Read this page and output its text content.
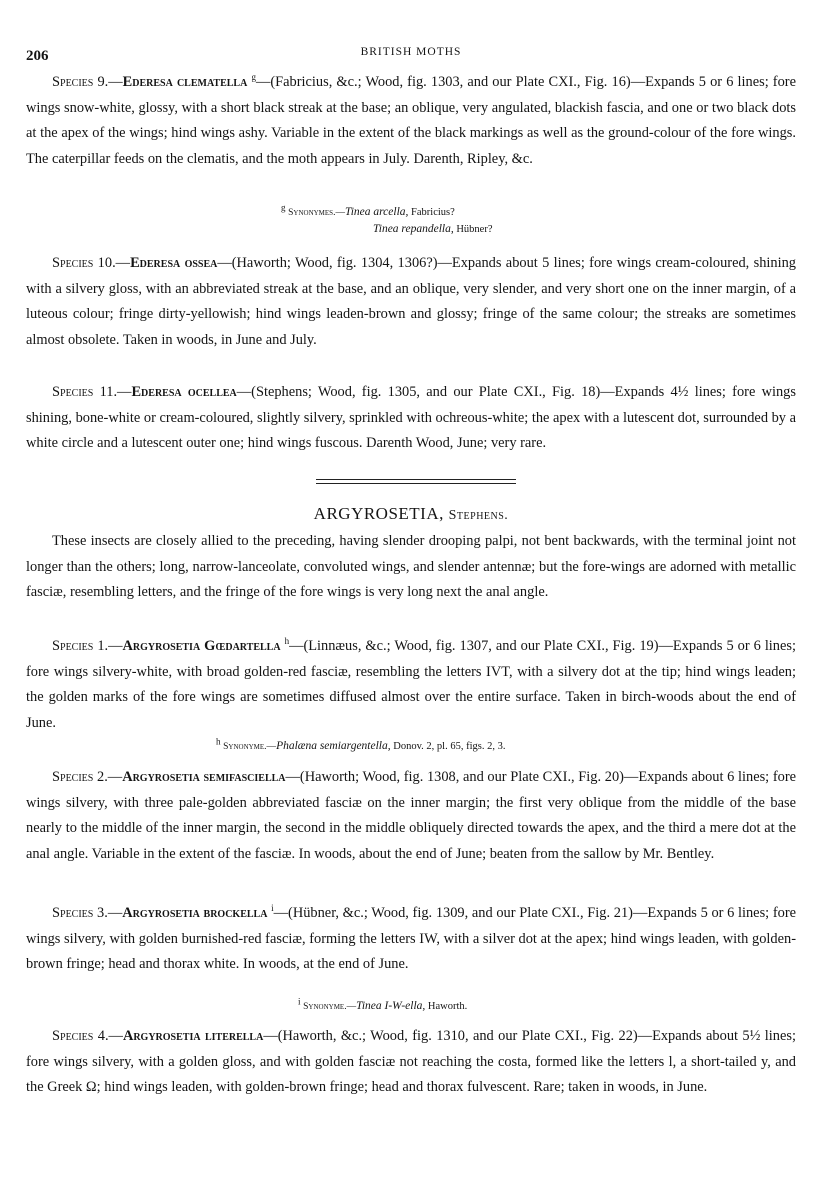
206	BRITISH MOTHS

Species 9.—Ederesa clematella $^g$—(Fabricius, &c.; Wood, fig. 1303, and our Plate CXI., Fig. 16)—Expands 5 or 6 lines; fore wings snow-white, glossy, with a short black streak at the base; an oblique, very angulated, blackish fascia, and one or two black dots at the apex of the wings; hind wings ashy. Variable in the extent of the black markings as well as the ground-colour of the fore wings. The caterpillar feeds on the clematis, and the moth appears in July. Darenth, Ripley, &c.

$^g$ Synonymes.—Tinea arcella, Fabricius?
Tinea repandella, Hübner?

Species 10.—Ederesa ossea—(Haworth; Wood, fig. 1304, 1306?)—Expands about 5 lines; fore wings cream-coloured, shining with a silvery gloss, with an abbreviated streak at the base, and an oblique, very slender, and very short one on the inner margin, of a luteous colour; fringe dirty-yellowish; hind wings leaden-brown and glossy; fringe of the same colour; the streaks are sometimes almost obsolete. Taken in woods, in June and July.

Species 11.—Ederesa ocellea—(Stephens; Wood, fig. 1305, and our Plate CXI., Fig. 18)—Expands 4½ lines; fore wings shining, bone-white or cream-coloured, slightly silvery, sprinkled with ochreous-white; the apex with a lutescent dot, surrounded by a white circle and a lutescent outer one; hind wings fuscous. Darenth Wood, June; very rare.

ARGYROSETIA, Stephens.

These insects are closely allied to the preceding, having slender drooping palpi, not bent backwards, with the terminal joint not longer than the others; long, narrow-lanceolate, convoluted wings, and slender antennæ; but the fore-wings are adorned with metallic fasciæ, resembling letters, and the fringe of the fore wings is very long next the anal angle.

Species 1.—Argyrosetia Gœdartella $^h$—(Linnæus, &c.; Wood, fig. 1307, and our Plate CXI., Fig. 19)—Expands 5 or 6 lines; fore wings silvery-white, with broad golden-red fasciæ, resembling the letters IVT, with a silvery dot at the tip; hind wings leaden; the golden marks of the fore wings are sometimes diffused almost over the entire surface. Taken in birch-woods about the end of June.

$^h$ Synonyme.—Phalæna semiargentella, Donov. 2, pl. 65, figs. 2, 3.

Species 2.—Argyrosetia semifasciella—(Haworth; Wood, fig. 1308, and our Plate CXI., Fig. 20)—Expands about 6 lines; fore wings silvery, with three pale-golden abbreviated fasciæ on the inner margin; the first very oblique from the middle of the base nearly to the middle of the inner margin, the second in the middle obliquely directed towards the apex, and the third a mere dot at the anal angle. Variable in the extent of the fasciæ. In woods, about the end of June; beaten from the sallow by Mr. Bentley.

Species 3.—Argyrosetia brockella $^i$—(Hübner, &c.; Wood, fig. 1309, and our Plate CXI., Fig. 21)—Expands 5 or 6 lines; fore wings silvery, with golden burnished-red fasciæ, forming the letters IW, with a silver dot at the apex; hind wings leaden, with golden-brown fringe; head and thorax white. In woods, at the end of June.

$^i$ Synonyme.—Tinea I-W-ella, Haworth.

Species 4.—Argyrosetia literella—(Haworth, &c.; Wood, fig. 1310, and our Plate CXI., Fig. 22)—Expands about 5½ lines; fore wings silvery, with a golden gloss, and with golden fasciæ not reaching the costa, formed like the letters l, a short-tailed y, and the Greek Ω; hind wings leaden, with golden-brown fringe; head and thorax fulvescent. Rare; taken in woods, in June.
